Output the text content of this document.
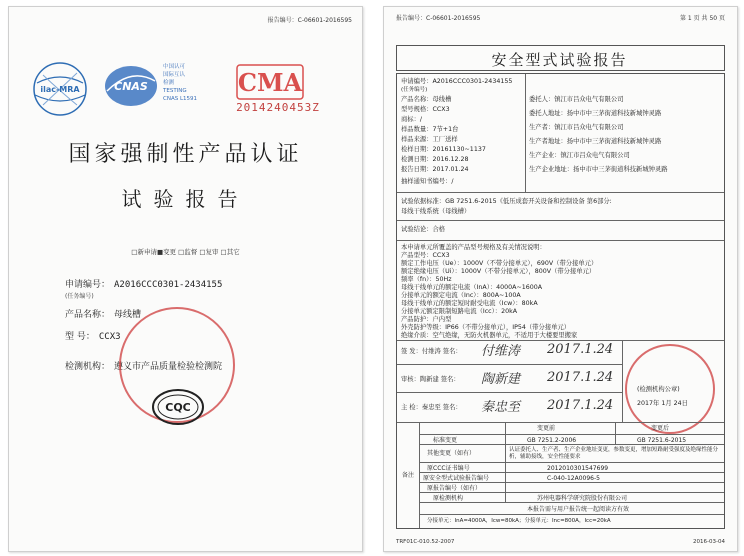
报告编号：C-06601-2016595
ilac-MRA	CNAS
中国认可
国际互认
检测
TESTING
CNAS L1591
CMA
2014240453Z
国家强制性产品认证
试验报告
□新申请■变更 □监督 □复审 □其它
申请编号： A2016CCC0301-2434155
(任务编号)
产品名称： 母线槽
型 号： CCX3
检测机构： 遵义市产品质量检验检测院
CQC
报告编号：C-06601-2016595	第 1 页 共 50 页
安全型式试验报告
申请编号：A2016CCC0301-2434155
(任务编号)
产品名称：母线槽
型号规格：CCX3
商标：/
样品数量：7节+1台
样品来源：工厂送样
检样日期：20161130~1137
检测日期：2016.12.28
报告日期：2017.01.24
抽样通知书编号：/
委托人：镇江市吕众电气有限公司
委托人地址：扬中市中三茅街道科技新城钟灵路
生产者：镇江市吕众电气有限公司
生产者地址：扬中市中三茅街道科技新城钟灵路
生产企业：镇江市吕众电气有限公司
生产企业地址：扬中市中三茅街道科技新城钟灵路
试验依据标准：GB 7251.6-2015《低压成套开关设备和控制设备 第6部分:
母线干线系统（母线槽）
试验结论：合格
本申请单元所覆盖的产品型号规格及有关情况说明：
产品型号：CCX3
额定工作电压（Ue）：1000V（不带分接单元），690V（带分接单元）
额定绝缘电压（Ui）：1000V（不带分接单元），800V（带分接单元）
频率（fn）：50Hz
母线干线单元的额定电流（InA）：4000A~1600A
分接单元的额定电流（Inc）：800A~100A
母线干线单元的额定短时耐受电流（Icw）：80kA
分接单元额定限制短路电流（Icc）：20kA
产品防护：户内型
外壳防护等级：IP66（不带分接单元），IP54（带分接单元）
绝缘介质：空气绝缘，无防火机器单元，不适用于大楼要里搬家
签 发：付维涛 签名： 付维涛 2017.1.24
审核：陶新建 签名： 陶新建 2017.1.24
主 检：秦忠至 签名： 秦忠至 2017.1.24
(检测机构公章)
2017年 1月 24日
备注
变更前	变更后
标准变更	GB 7251.2-2006	GB 7251.6-2015
其他变更（如有）	认证委托人、生产者、生产企业地址变更，参数变更，增加短路耐受强度及绝缘性能分析，辅助接线，安全性能要求
原CCC证书编号	2012010301547699
原安全型式试验报告编号	C-040-12A0096-5
原报告编号（如有）
原检测机构	苏州电器科学研究院股份有限公司
本报告需与用户报告统一起阅读方有效
分接单元：InA=4000A，Icw=80kA；分接单元：Inc=800A，Icc=20kA
TRF01C-010.52-2007	2016-03-04
